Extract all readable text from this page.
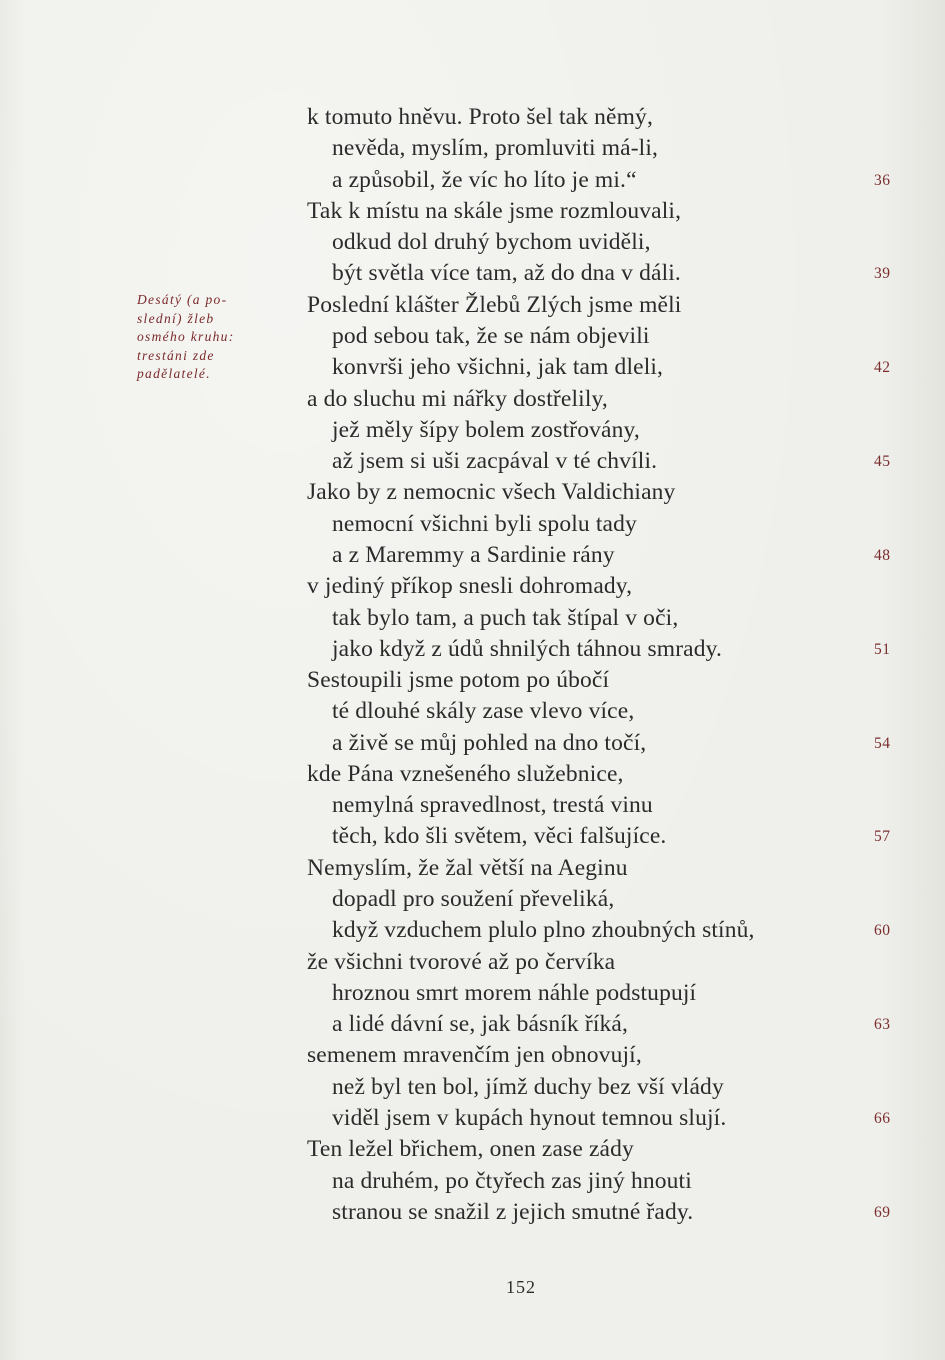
Desátý (a po-
slední) žleb
osmého kruhu:
trestáni zde
padělatelé.
k tomuto hněvu. Proto šel tak němý,
nevěda, myslím, promluviti má-li,
a způsobil, že víc ho líto je mi.“	36
Tak k místu na skále jsme rozmlouvali,
odkud dol druhý bychom uviděli,
být světla více tam, až do dna v dáli.	39
Poslední klášter Žlebů Zlých jsme měli
pod sebou tak, že se nám objevili
konvrši jeho všichni, jak tam dleli,	42
a do sluchu mi nářky dostřelily,
jež měly šípy bolem zostřovány,
až jsem si uši zacpával v té chvíli.	45
Jako by z nemocnic všech Valdichiany
nemocní všichni byli spolu tady
a z Maremmy a Sardinie rány	48
v jediný příkop snesli dohromady,
tak bylo tam, a puch tak štípal v oči,
jako když z údů shnilých táhnou smrady.	51
Sestoupili jsme potom po úbočí
té dlouhé skály zase vlevo více,
a živě se můj pohled na dno točí,	54
kde Pána vznešeného služebnice,
nemylná spravedlnost, trestá vinu
těch, kdo šli světem, věci falšujíce.	57
Nemyslím, že žal větší na Aeginu
dopadl pro soužení převeliká,
když vzduchem plulo plno zhoubných stínů,	60
že všichni tvorové až po červíka
hroznou smrt morem náhle podstupují
a lidé dávní se, jak básník říká,	63
semenem mravenčím jen obnovují,
než byl ten bol, jímž duchy bez vší vlády
viděl jsem v kupách hynout temnou slují.	66
Ten ležel břichem, onen zase zády
na druhém, po čtyřech zas jiný hnouti
stranou se snažil z jejich smutné řady.	69
152
